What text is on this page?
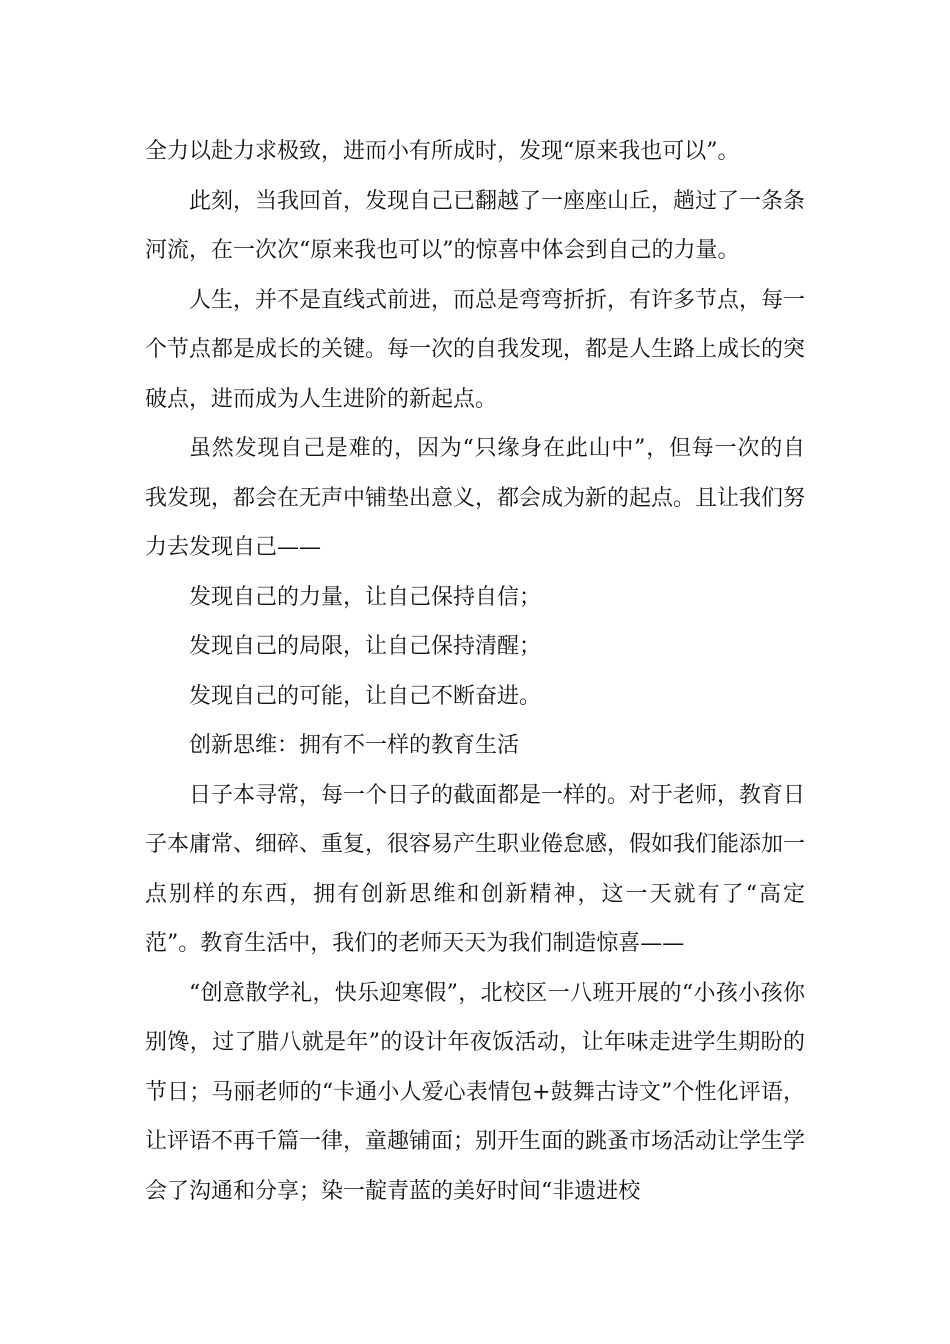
全力以赴力求极致，进而小有所成时，发现“原来我也可以”。

此刻，当我回首，发现自己已翻越了一座座山丘，趟过了一条条河流，在一次次“原来我也可以”的惊喜中体会到自己的力量。

人生，并不是直线式前进，而总是弯弯折折，有许多节点，每一个节点都是成长的关键。每一次的自我发现，都是人生路上成长的突破点，进而成为人生进阶的新起点。

虽然发现自己是难的，因为“只缘身在此山中”，但每一次的自我发现，都会在无声中铺垫出意义，都会成为新的起点。且让我们努力去发现自己——

发现自己的力量，让自己保持自信；

发现自己的局限，让自己保持清醒；

发现自己的可能，让自己不断奋进。

创新思维：拥有不一样的教育生活

日子本寻常，每一个日子的截面都是一样的。对于老师，教育日子本庸常、细碎、重复，很容易产生职业倦怠感，假如我们能添加一点别样的东西，拥有创新思维和创新精神，这一天就有了“高定范”。教育生活中，我们的老师天天为我们制造惊喜——

“创意散学礼，快乐迎寒假”，北校区一八班开展的“小孩小孩你别馋，过了腊八就是年”的设计年夜饭活动，让年味走进学生期盼的节日；马丽老师的“卡通小人爱心表情包+鼓舞古诗文”个性化评语，让评语不再千篇一律，童趣铺面；别开生面的跳蚤市场活动让学生学会了沟通和分享；染一靛青蓝的美好时间“非遗进校
